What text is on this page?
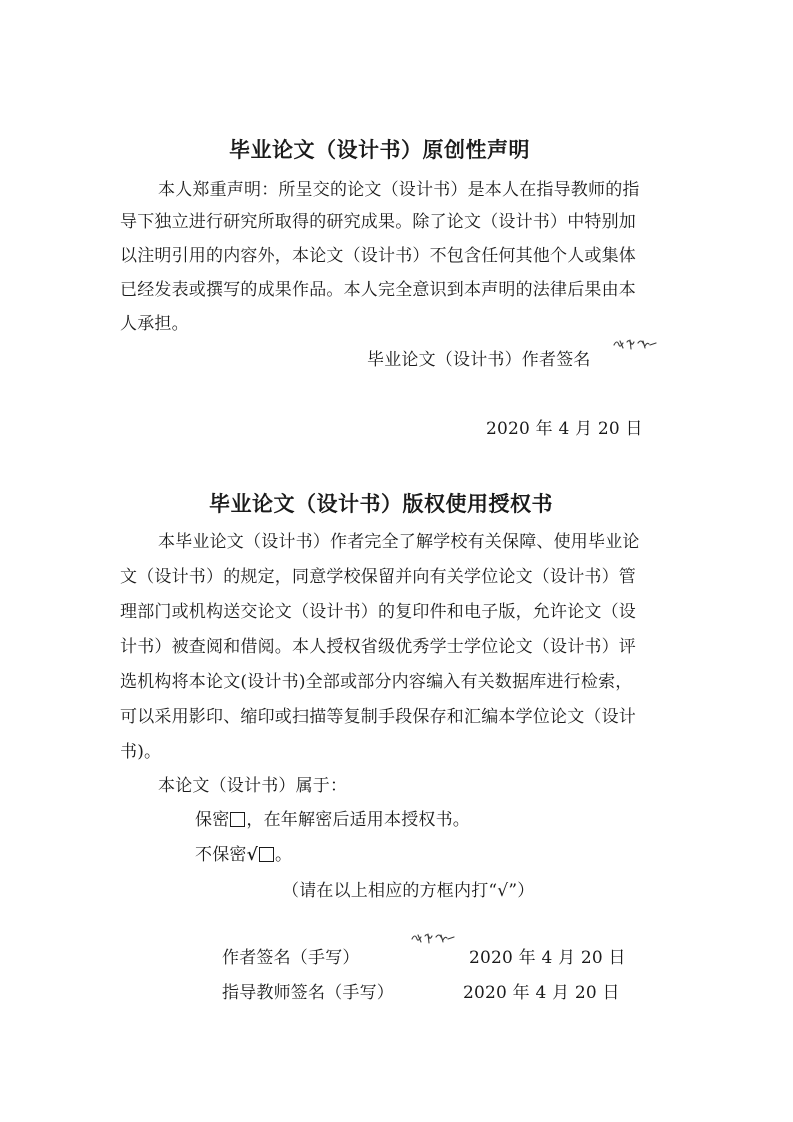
毕业论文（设计书）原创性声明
本人郑重声明：所呈交的论文（设计书）是本人在指导教师的指
导下独立进行研究所取得的研究成果。除了论文（设计书）中特别加
以注明引用的内容外，本论文（设计书）不包含任何其他个人或集体
已经发表或撰写的成果作品。本人完全意识到本声明的法律后果由本
人承担。
毕业论文（设计书）作者签名
2020 年 4 月 20 日
毕业论文（设计书）版权使用授权书
本毕业论文（设计书）作者完全了解学校有关保障、使用毕业论
文（设计书）的规定，同意学校保留并向有关学位论文（设计书）管
理部门或机构送交论文（设计书）的复印件和电子版，允许论文（设
计书）被查阅和借阅。本人授权省级优秀学士学位论文（设计书）评
选机构将本论文(设计书)全部或部分内容编入有关数据库进行检索，
可以采用影印、缩印或扫描等复制手段保存和汇编本学位论文（设计
书)。
本论文（设计书）属于：
保密 ，在年解密后适用本授权书。
不保密√ 。
（请在以上相应的方框内打“√”）
作者签名（手写）	2020 年 4 月 20 日
指导教师签名（手写）	2020 年 4 月 20 日
